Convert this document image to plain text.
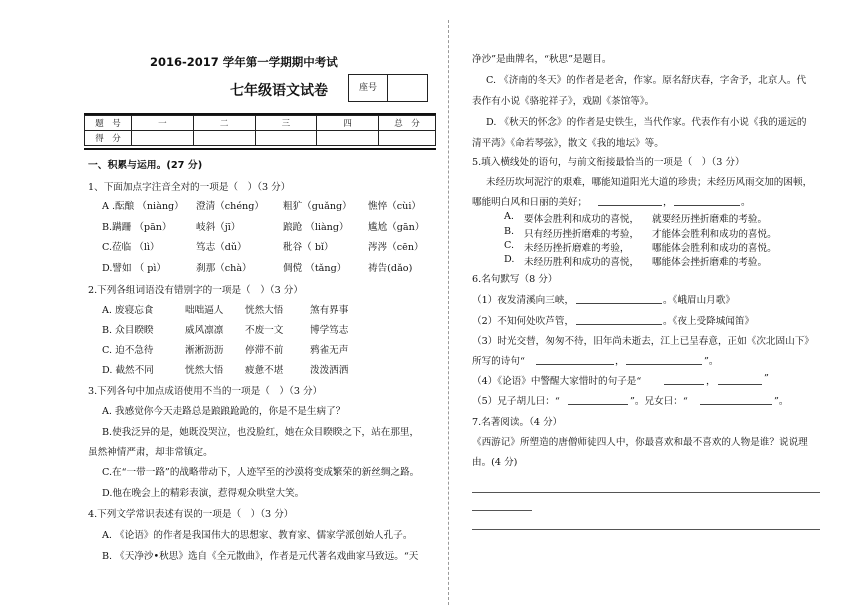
2016-2017 学年第一学期期中考试
七年级语文试卷	座号
题　号	一	二	三	四	总　分
得　分					
一、积累与运用。(27 分)
1、下面加点字注音全对的一项是（　）（3 分）
A .酝酿 （niàng） 澄清（chéng） 粗犷（guǎng） 憔悴（cùi）
B.蹒跚 （pān）	岐斜（jī）	踉跄 （liàng） 尴尬（gān）
C.莅临 （lì）	笃志（dǔ）	秕谷（ bǐ）	涔涔（cēn）
D.譬如 （ pì）	刹那（chà）	倜傥 （tǎng） 祷告(dǎo)
2.下列各组词语没有错别字的一项是（　）（3 分）
A. 废寝忘食	咄咄逼人 恍然大悟	煞有界事
B. 众目睽睽	威风凛凛 不废一文	博学笃志
C. 迫不急待	淅淅沥沥 停滞不前	鸦雀无声
D. 截然不同	恍然大悟 疲惫不堪	泼泼洒洒
3.下列各句中加点成语使用不当的一项是（　）（3 分）
A. 我感觉你今天走路总是踉踉跄跄的，你是不是生病了？
B.使我泛异的是，她既没哭泣，也没脸红，她在众目睽睽之下，站在那里，
虽然神情严肃，却非常镇定。
C.在“一带一路”的战略带动下，人迹罕至的沙漠将变成繁荣的新丝绸之路。
D.他在晚会上的精彩表演，惹得观众哄堂大笑。
4.下列文学常识表述有误的一项是（　）（3 分）
A. 《论语》的作者是我国伟大的思想家、教育家、儒家学派创始人孔子。
B. 《天净沙•秋思》选自《全元散曲》，作者是元代著名戏曲家马致远。“天
净沙”是曲牌名，“秋思”是题目。
C. 《济南的冬天》的作者是老舍，作家。原名舒庆春，字舍予，北京人。代
表作有小说《骆驼祥子》，戏剧《茶馆等》。
D. 《秋天的怀念》的作者是史铁生，当代作家。代表作有小说《我的遥远的
清平湾》《命若琴弦》，散文《我的地坛》等。
5.填入横线处的语句，与前文衔接最恰当的一项是（　）（3 分）
未经历坎坷泥泞的艰难，哪能知道阳光大道的珍贵；未经历风雨交加的困顿，
哪能明白风和日丽的美好；	，	。
A. 要体会胜利和成功的喜悦， 就要经历挫折磨难的考验。
B. 只有经历挫折磨难的考验， 才能体会胜利和成功的喜悦。
C. 未经历挫折磨难的考验， 哪能体会胜利和成功的喜悦。
D. 未经历胜利和成功的喜悦， 哪能体会挫折磨难的考验。
6.名句默写（8 分）
（1）夜发清溪向三峡，	。《峨眉山月歌》
（2）不知何处吹芦管，	。《夜上受降城闻笛》
（3）时光交替，匆匆不待，旧年尚未逝去，江上已呈春意，正如《次北固山下》
所写的诗句“	，	”。
（4）《论语》中警醒大家惜时的句子是“	，	”
（5）兄子胡儿曰：“	”。兄女曰：“	”。
7.名著阅读。（4 分）
《西游记》所塑造的唐僧师徒四人中，你最喜欢和最不喜欢的人物是谁？说说理
由。(4 分)
